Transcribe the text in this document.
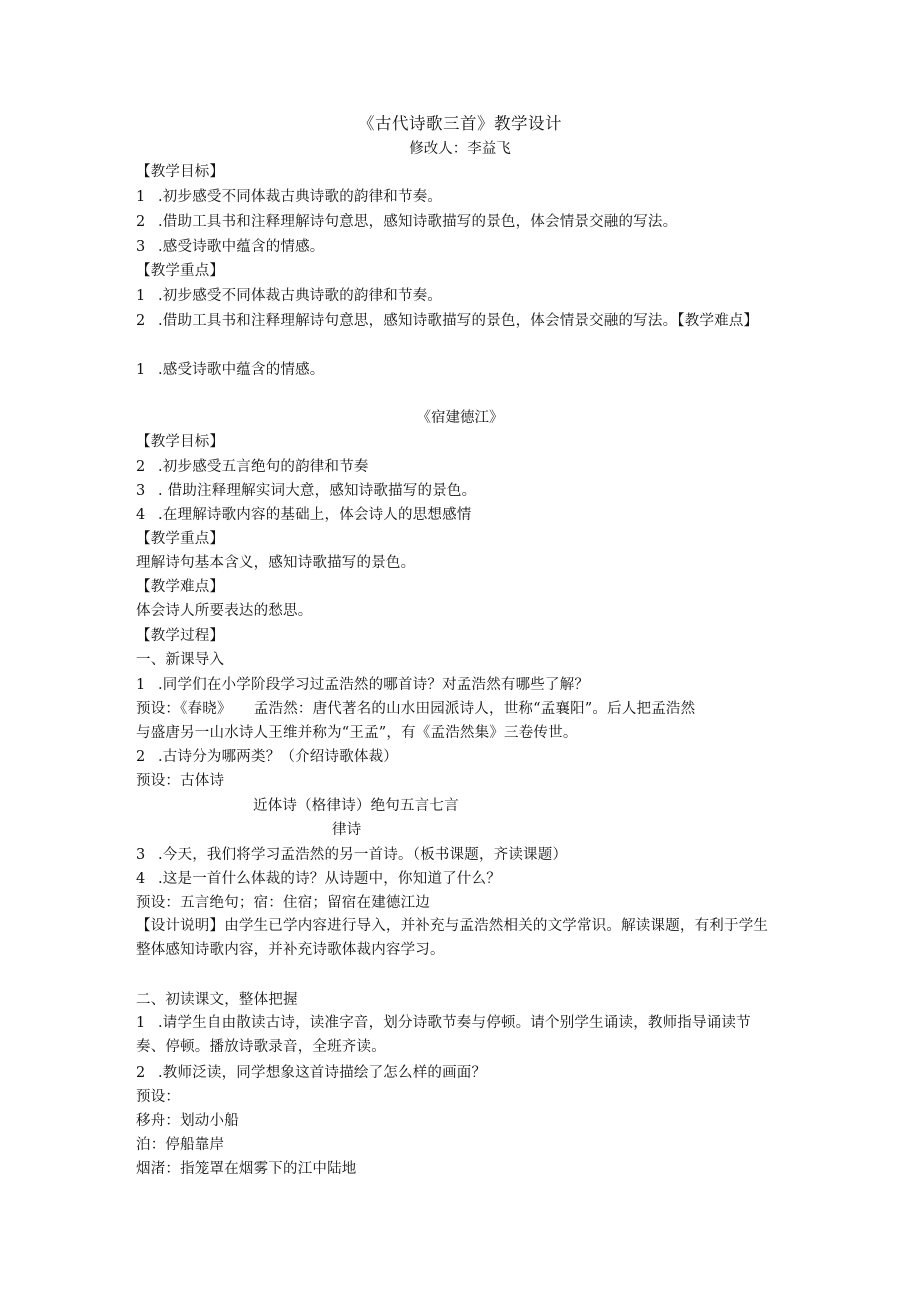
《古代诗歌三首》教学设计
修改人：李益飞
【教学目标】
1 .初步感受不同体裁古典诗歌的韵律和节奏。
2 .借助工具书和注释理解诗句意思，感知诗歌描写的景色，体会情景交融的写法。
3 .感受诗歌中蕴含的情感。
【教学重点】
1 .初步感受不同体裁古典诗歌的韵律和节奏。
2 .借助工具书和注释理解诗句意思，感知诗歌描写的景色，体会情景交融的写法。【教学难点】
1 .感受诗歌中蕴含的情感。
《宿建德江》
【教学目标】
2 .初步感受五言绝句的韵律和节奏
3 . 借助注释理解实词大意，感知诗歌描写的景色。
4 .在理解诗歌内容的基础上，体会诗人的思想感情
【教学重点】
理解诗句基本含义，感知诗歌描写的景色。
【教学难点】
体会诗人所要表达的愁思。
【教学过程】
一、新课导入
1 .同学们在小学阶段学习过孟浩然的哪首诗？对孟浩然有哪些了解？
预设：《春晓》　　孟浩然：唐代著名的山水田园派诗人，世称“孟襄阳”。后人把孟浩然
与盛唐另一山水诗人王维并称为“王孟”，有《孟浩然集》三卷传世。
2 .古诗分为哪两类？（介绍诗歌体裁）
预设：古体诗
近体诗（格律诗）绝句五言七言
律诗
3 .今天，我们将学习孟浩然的另一首诗。（板书课题，齐读课题）
4 .这是一首什么体裁的诗？从诗题中，你知道了什么？
预设：五言绝句；宿：住宿；留宿在建德江边
【设计说明】由学生已学内容进行导入，并补充与孟浩然相关的文学常识。解读课题，有利于学生整体感知诗歌内容，并补充诗歌体裁内容学习。
二、初读课文，整体把握
1 .请学生自由散读古诗，读准字音，划分诗歌节奏与停顿。请个别学生诵读，教师指导诵读节奏、停顿。播放诗歌录音，全班齐读。
2 .教师泛读，同学想象这首诗描绘了怎么样的画面？
预设：
移舟：划动小船
泊：停船靠岸
烟渚：指笼罩在烟雾下的江中陆地
